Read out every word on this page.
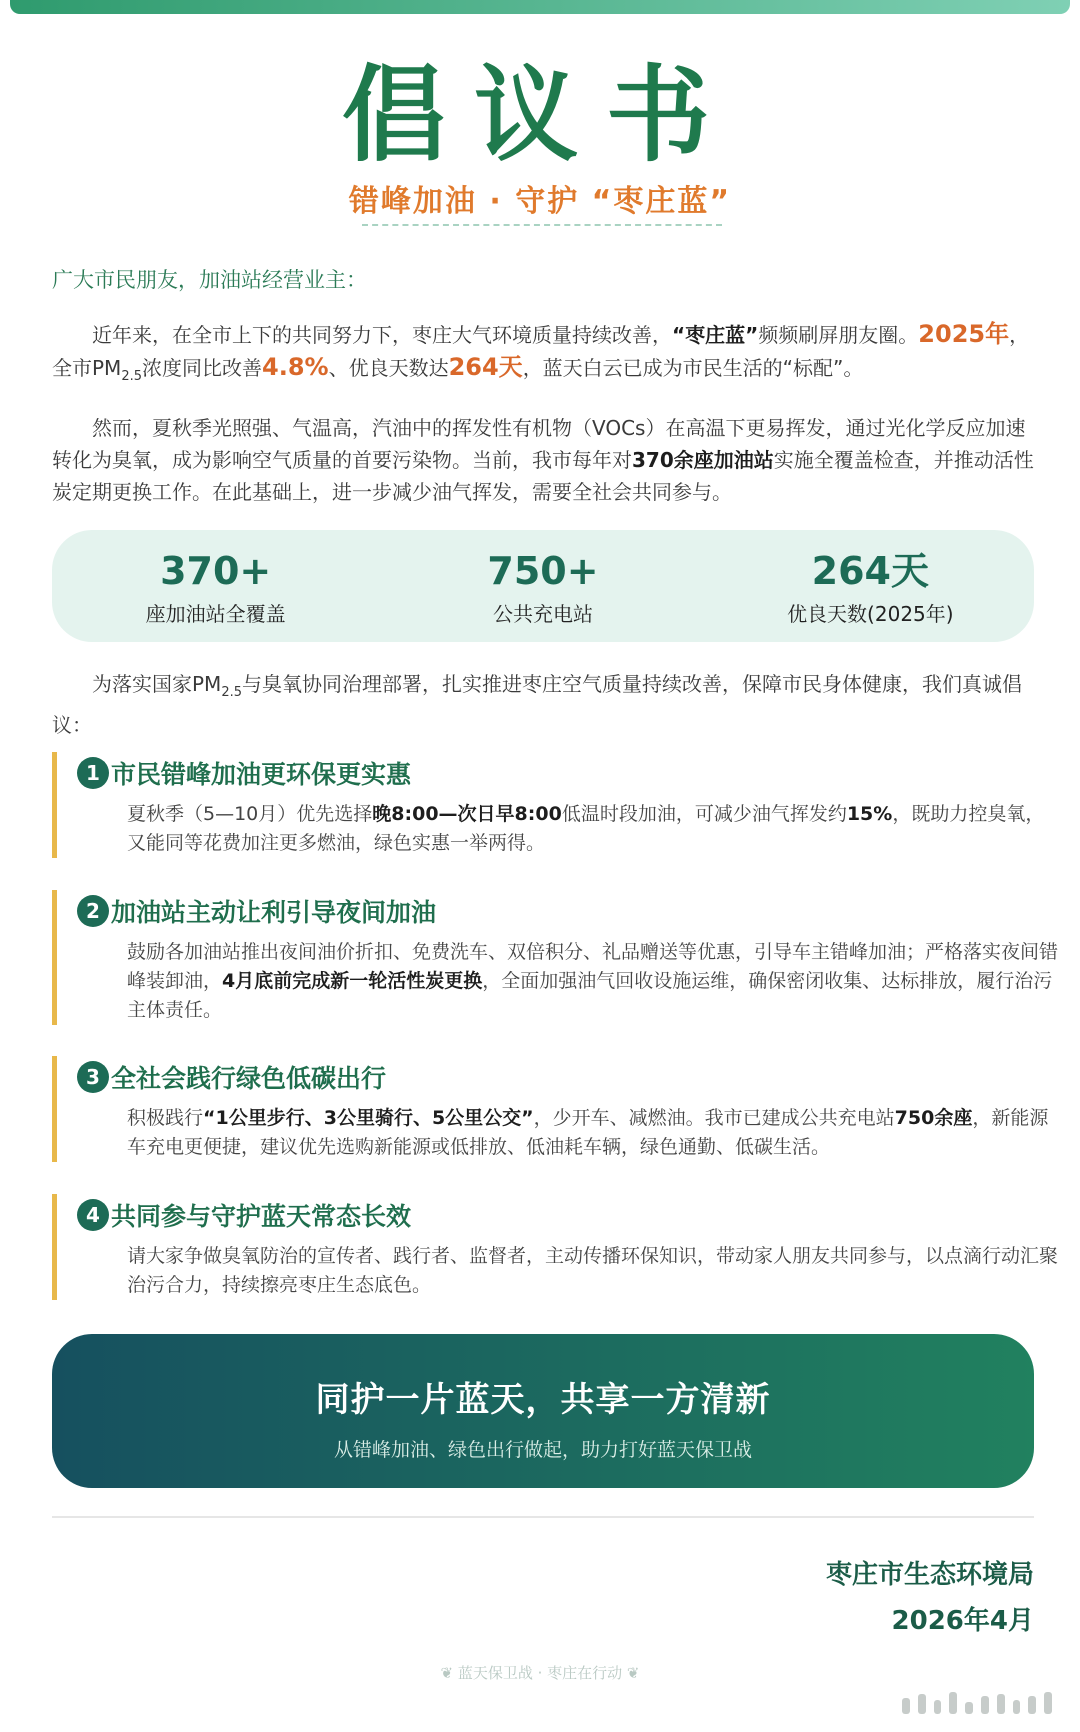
倡议书
错峰加油 · 守护 “枣庄蓝”
广大市民朋友，加油站经营业主：

近年来，在全市上下的共同努力下，枣庄大气环境质量持续改善，“枣庄蓝”频频刷屏朋友圈。2025年，全市$PM_{2.5}$浓度同比改善4.8%、优良天数达264天，蓝天白云已成为市民生活的“标配”。

然而，夏秋季光照强、气温高，汽油中的挥发性有机物（VOCs）在高温下更易挥发，通过光化学反应加速转化为臭氧，成为影响空气质量的首要污染物。当前，我市每年对370余座加油站实施全覆盖检查，并推动活性炭定期更换工作。在此基础上，进一步减少油气挥发，需要全社会共同参与。

370+
座加油站全覆盖
750+
公共充电站
264天
优良天数(2025年)

为落实国家$PM_{2.5}$与臭氧协同治理部署，扎实推进枣庄空气质量持续改善，保障市民身体健康，我们真诚倡议：

1 市民错峰加油更环保更实惠
夏秋季（5—10月）优先选择晚8:00—次日早8:00低温时段加油，可减少油气挥发约15%，既助力控臭氧，又能同等花费加注更多燃油，绿色实惠一举两得。
2 加油站主动让利引导夜间加油
鼓励各加油站推出夜间油价折扣、免费洗车、双倍积分、礼品赠送等优惠，引导车主错峰加油；严格落实夜间错峰装卸油，4月底前完成新一轮活性炭更换，全面加强油气回收设施运维，确保密闭收集、达标排放，履行治污主体责任。
3 全社会践行绿色低碳出行
积极践行“1公里步行、3公里骑行、5公里公交”，少开车、减燃油。我市已建成公共充电站750余座，新能源车充电更便捷，建议优先选购新能源或低排放、低油耗车辆，绿色通勤、低碳生活。
4 共同参与守护蓝天常态长效
请大家争做臭氧防治的宣传者、践行者、监督者，主动传播环保知识，带动家人朋友共同参与，以点滴行动汇聚治污合力，持续擦亮枣庄生态底色。
同护一片蓝天，共享一方清新
从错峰加油、绿色出行做起，助力打好蓝天保卫战
枣庄市生态环境局
2026年4月
❦ 蓝天保卫战 · 枣庄在行动 ❦
